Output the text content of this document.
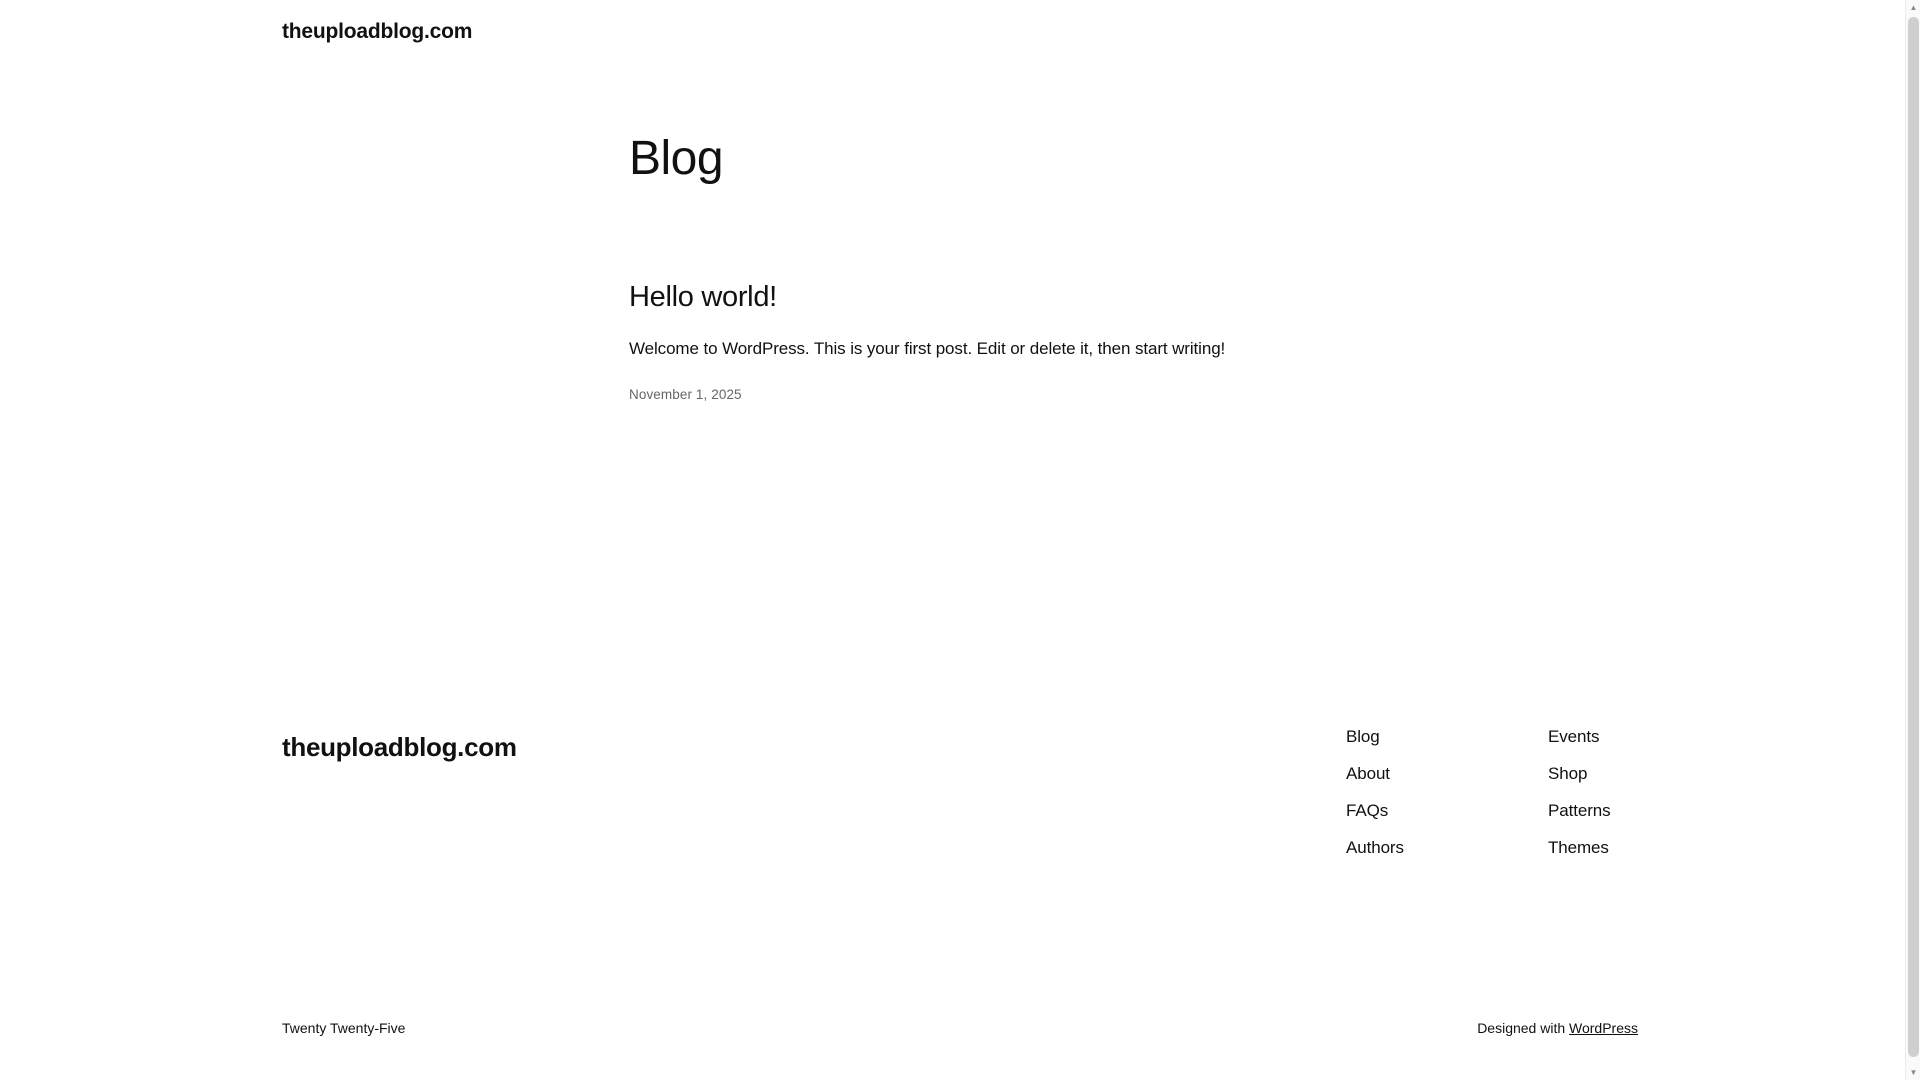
theuploadblog.com
Blog
Hello world!

Welcome to WordPress. This is your first post. Edit or delete it, then start writing!

November 1, 2025

theuploadblog.com	Blog
About
FAQs
Authors
Events
Shop
Patterns
Themes
Twenty Twenty-Five	Designed with WordPress
▲
▼
